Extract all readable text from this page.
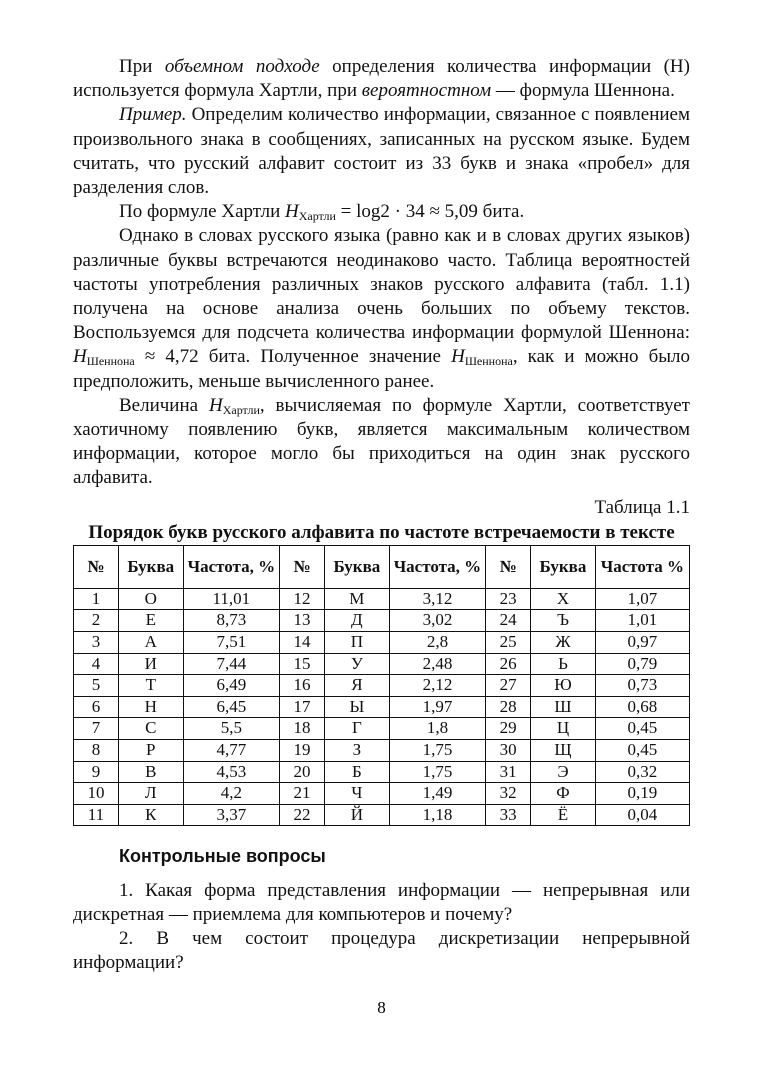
При объемном подходе определения количества информации (H) используется формула Хартли, при вероятностном — формула Шеннона.

Пример. Определим количество информации, связанное с появлением произвольного знака в сообщениях, записанных на русском языке. Будем считать, что русский алфавит состоит из 33 букв и знака «пробел» для разделения слов.

По формуле Хартли $H_{Хартли} = \log 2 \cdot 34 \approx 5,09$ бита.

Однако в словах русского языка (равно как и в словах других языков) различные буквы встречаются неодинаково часто. Таблица вероятностей частоты употребления различных знаков русского алфавита (табл. 1.1) получена на основе анализа очень больших по объему текстов. Воспользуемся для подсчета количества информации формулой Шеннона: $H_{Шеннона} \approx 4,72$ бита. Полученное значение $H_{Шеннона}$, как и можно было предположить, меньше вычисленного ранее.

Величина $H_{Хартли}$, вычисляемая по формуле Хартли, соответствует хаотичному появлению букв, является максимальным количеством информации, которое могло бы приходиться на один знак русского алфавита.

Таблица 1.1

Порядок букв русского алфавита по частоте встречаемости в тексте

№	Буква	Частота, %	№	Буква	Частота, %	№	Буква	Частота %
1	О	11,01	12	М	3,12	23	Х	1,07
2	Е	8,73	13	Д	3,02	24	Ъ	1,01
3	А	7,51	14	П	2,8	25	Ж	0,97
4	И	7,44	15	У	2,48	26	Ь	0,79
5	Т	6,49	16	Я	2,12	27	Ю	0,73
6	Н	6,45	17	Ы	1,97	28	Ш	0,68
7	С	5,5	18	Г	1,8	29	Ц	0,45
8	Р	4,77	19	З	1,75	30	Щ	0,45
9	В	4,53	20	Б	1,75	31	Э	0,32
10	Л	4,2	21	Ч	1,49	32	Ф	0,19
11	К	3,37	22	Й	1,18	33	Ё	0,04

Контрольные вопросы

1. Какая форма представления информации — непрерывная или дискретная — приемлема для компьютеров и почему?

2. В чем состоит процедура дискретизации непрерывной информации?

8
